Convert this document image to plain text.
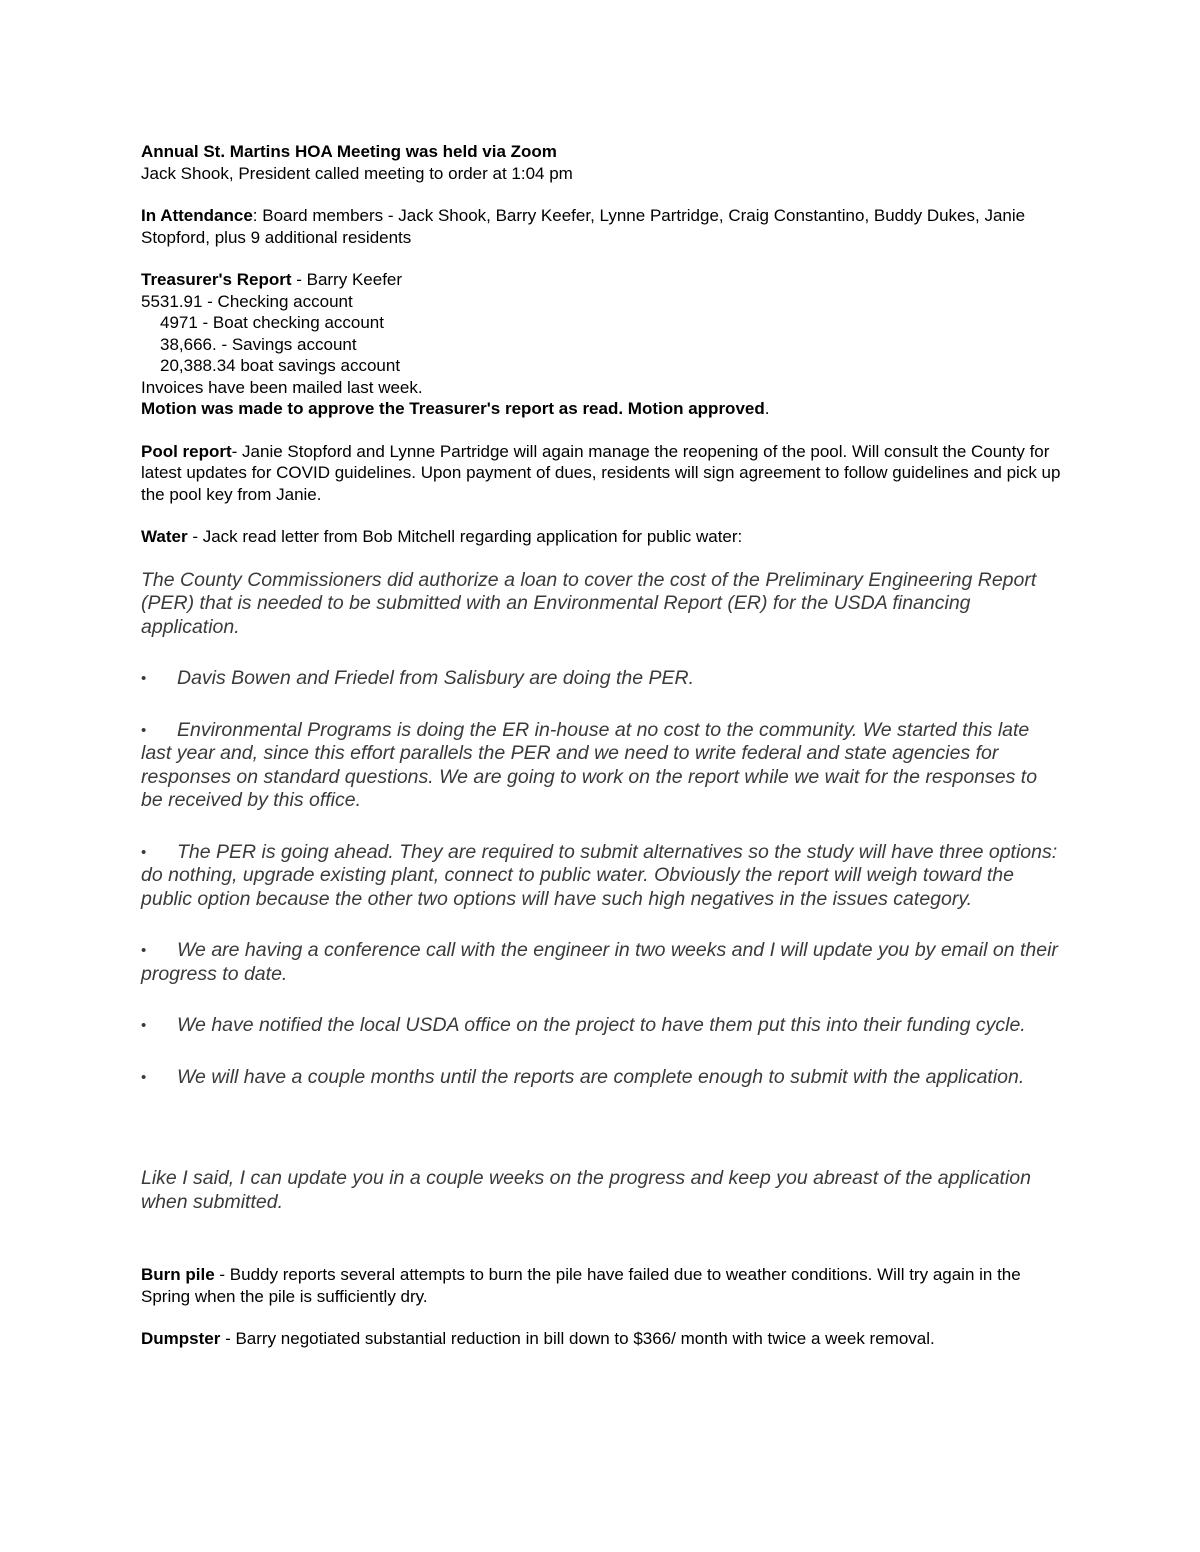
Annual St. Martins HOA Meeting was held via Zoom

Jack Shook, President called meeting to order at 1:04 pm

In Attendance: Board members - Jack Shook, Barry Keefer, Lynne Partridge, Craig Constantino, Buddy Dukes, Janie Stopford, plus 9 additional residents

Treasurer's Report - Barry Keefer

5531.91 - Checking account

4971 - Boat checking account

38,666. - Savings account

20,388.34 boat savings account

Invoices have been mailed last week.

Motion was made to approve the Treasurer's report as read. Motion approved.

Pool report- Janie Stopford and Lynne Partridge will again manage the reopening of the pool. Will consult the County for latest updates for COVID guidelines. Upon payment of dues, residents will sign agreement to follow guidelines and pick up the pool key from Janie.

Water - Jack read letter from Bob Mitchell regarding application for public water:

The County Commissioners did authorize a loan to cover the cost of the Preliminary Engineering Report (PER) that is needed to be submitted with an Environmental Report (ER) for the USDA financing application.

• Davis Bowen and Friedel from Salisbury are doing the PER.

• Environmental Programs is doing the ER in-house at no cost to the community. We started this late last year and, since this effort parallels the PER and we need to write federal and state agencies for responses on standard questions. We are going to work on the report while we wait for the responses to be received by this office.

• The PER is going ahead. They are required to submit alternatives so the study will have three options: do nothing, upgrade existing plant, connect to public water. Obviously the report will weigh toward the public option because the other two options will have such high negatives in the issues category.

• We are having a conference call with the engineer in two weeks and I will update you by email on their progress to date.

• We have notified the local USDA office on the project to have them put this into their funding cycle.

• We will have a couple months until the reports are complete enough to submit with the application.

Like I said, I can update you in a couple weeks on the progress and keep you abreast of the application when submitted.

Burn pile - Buddy reports several attempts to burn the pile have failed due to weather conditions. Will try again in the Spring when the pile is sufficiently dry.

Dumpster - Barry negotiated substantial reduction in bill down to $366/ month with twice a week removal.
